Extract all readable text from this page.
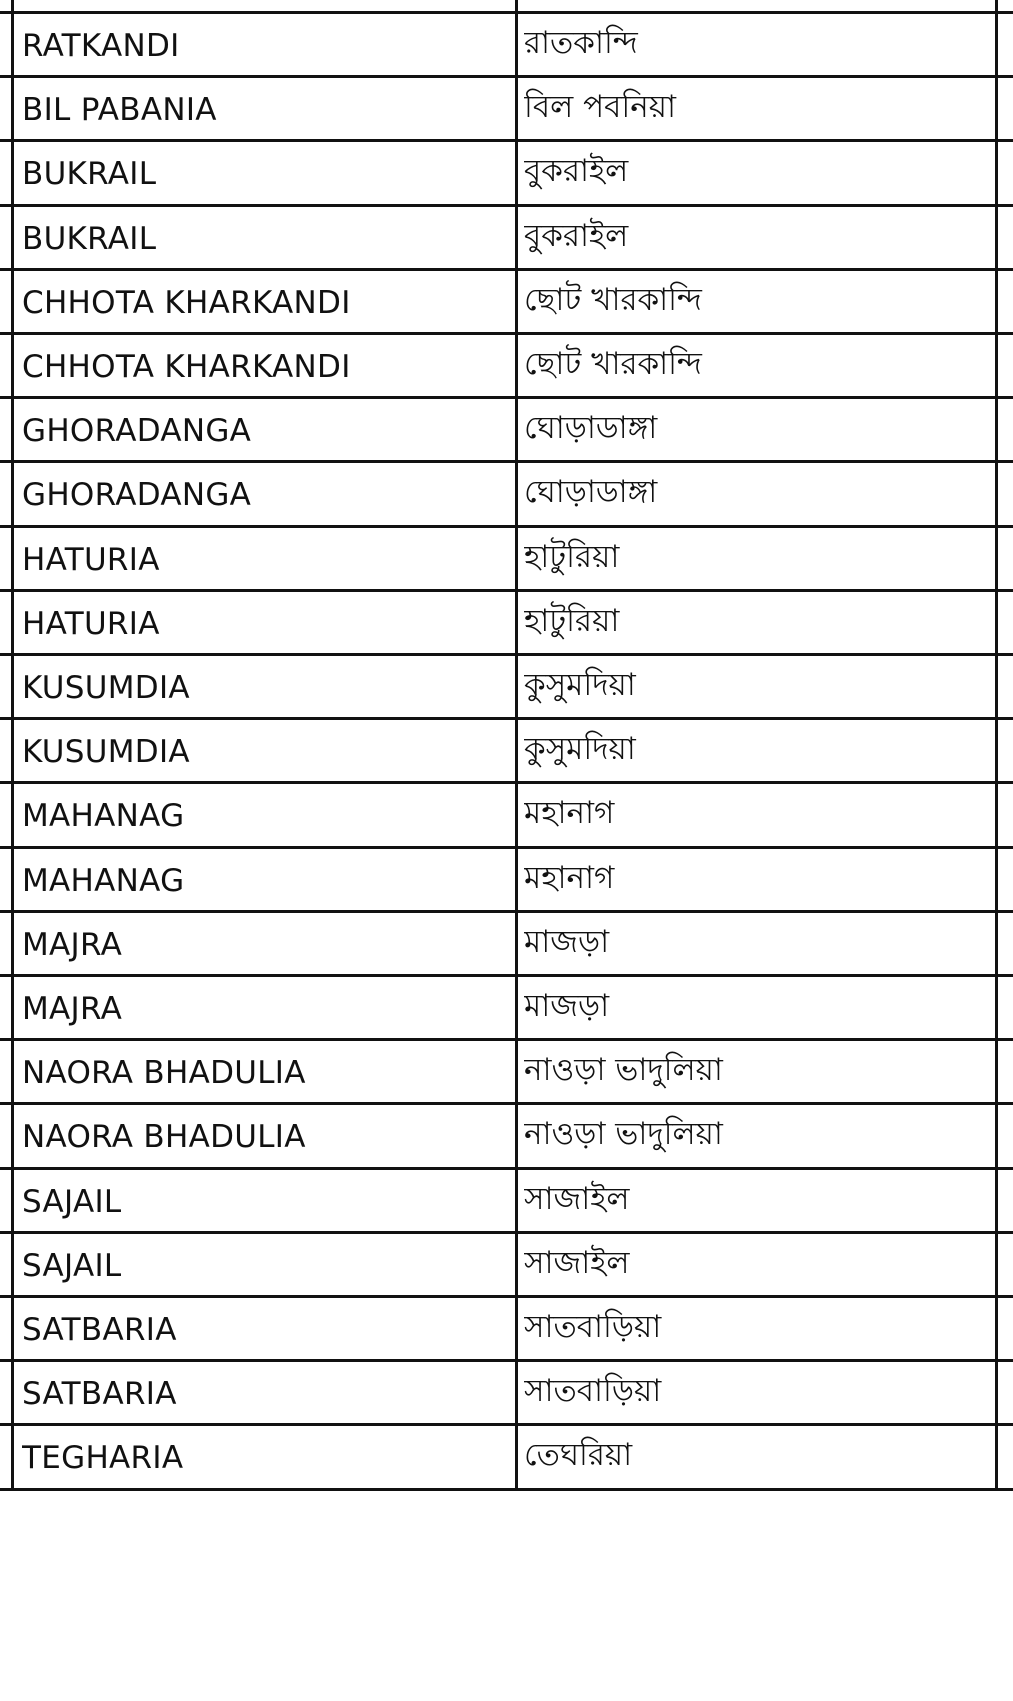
RATKANDI	রাতকান্দি
BIL PABANIA	বিল পবনিয়া
BUKRAIL	বুকরাইল
BUKRAIL	বুকরাইল
CHHOTA KHARKANDI	ছোট খারকান্দি
CHHOTA KHARKANDI	ছোট খারকান্দি
GHORADANGA	ঘোড়াডাঙ্গা
GHORADANGA	ঘোড়াডাঙ্গা
HATURIA	হাটুরিয়া
HATURIA	হাটুরিয়া
KUSUMDIA	কুসুমদিয়া
KUSUMDIA	কুসুমদিয়া
MAHANAG	মহানাগ
MAHANAG	মহানাগ
MAJRA	মাজড়া
MAJRA	মাজড়া
NAORA BHADULIA	নাওড়া ভাদুলিয়া
NAORA BHADULIA	নাওড়া ভাদুলিয়া
SAJAIL	সাজাইল
SAJAIL	সাজাইল
SATBARIA	সাতবাড়িয়া
SATBARIA	সাতবাড়িয়া
TEGHARIA	তেঘরিয়া
